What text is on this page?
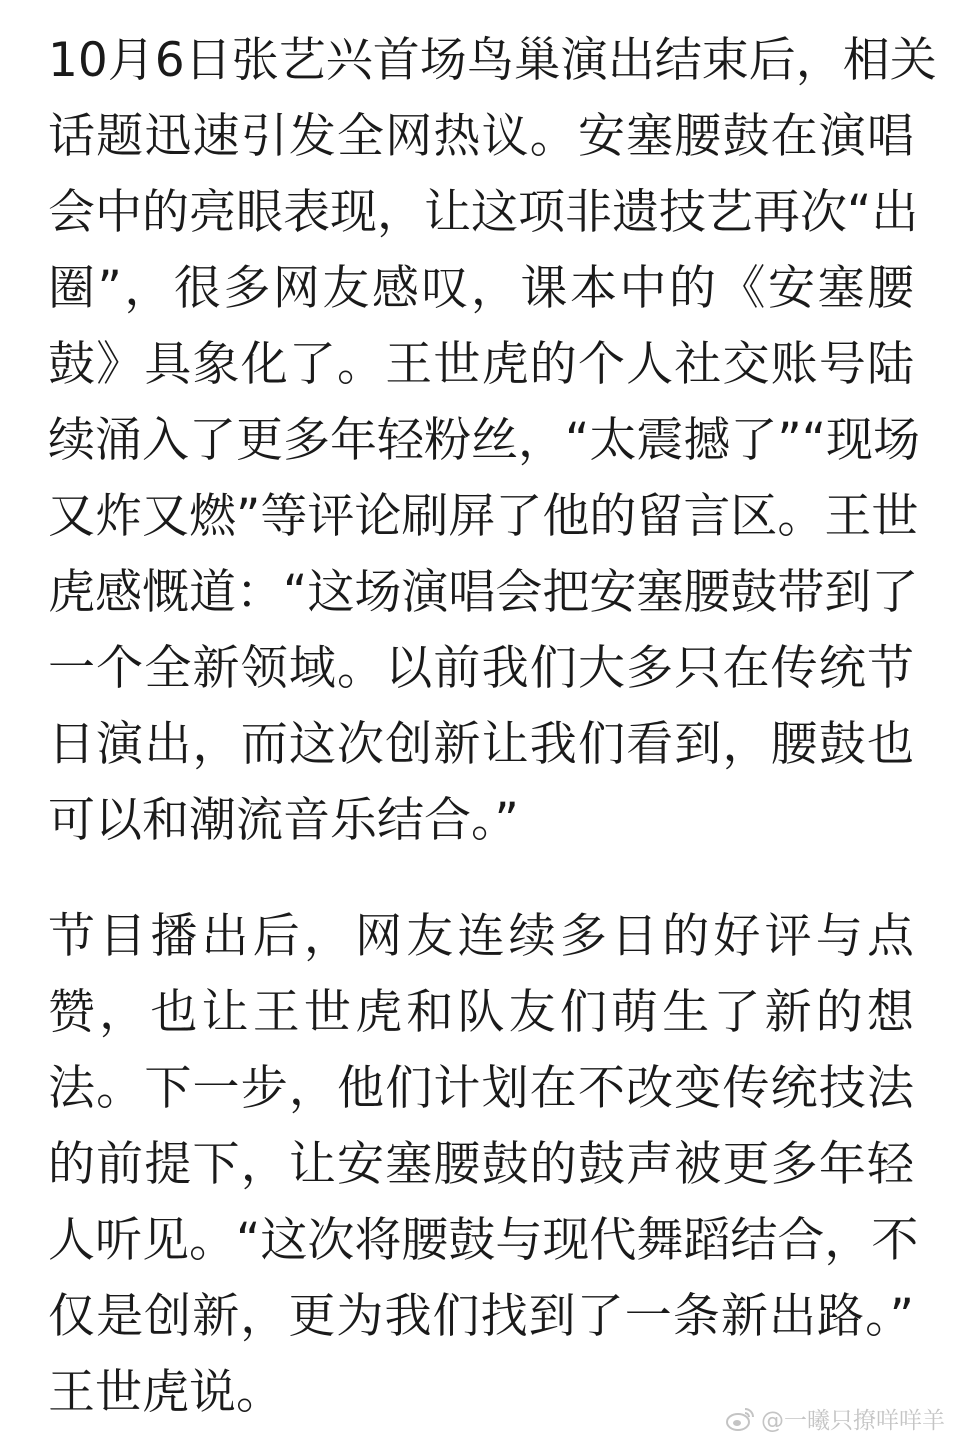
10月6日张艺兴首场鸟巢演出结束后，相关
话题迅速引发全网热议。安塞腰鼓在演唱
会中的亮眼表现，让这项非遗技艺再次“出
圈”，很多网友感叹，课本中的《安塞腰
鼓》具象化了。王世虎的个人社交账号陆
续涌入了更多年轻粉丝，“太震撼了”“现场
又炸又燃”等评论刷屏了他的留言区。王世
虎感慨道：“这场演唱会把安塞腰鼓带到了
一个全新领域。以前我们大多只在传统节
日演出，而这次创新让我们看到，腰鼓也
可以和潮流音乐结合。”
节目播出后，网友连续多日的好评与点
赞，也让王世虎和队友们萌生了新的想
法。下一步，他们计划在不改变传统技法
的前提下，让安塞腰鼓的鼓声被更多年轻
人听见。“这次将腰鼓与现代舞蹈结合，不
仅是创新，更为我们找到了一条新出路。”
王世虎说。
@一曦只撩咩咩羊
